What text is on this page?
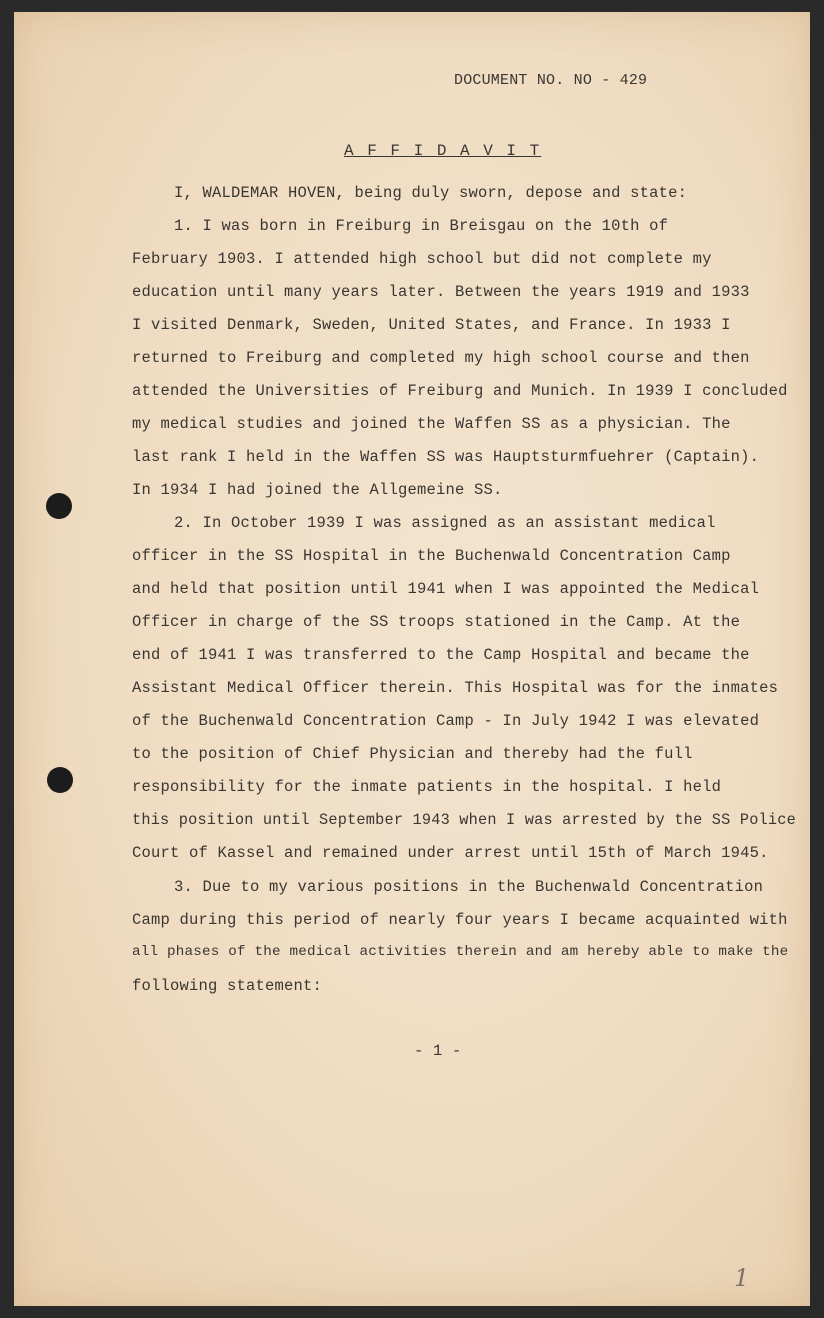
DOCUMENT NO. NO - 429
A F F I D A V I T
I, WALDEMAR HOVEN, being duly sworn, depose and state:
1. I was born in Freiburg in Breisgau on the 10th of
February 1903. I attended high school but did not complete my
education until many years later. Between the years 1919 and 1933
I visited Denmark, Sweden, United States, and France. In 1933 I
returned to Freiburg and completed my high school course and then
attended the Universities of Freiburg and Munich. In 1939 I concluded
my medical studies and joined the Waffen SS as a physician. The
last rank I held in the Waffen SS was Hauptsturmfuehrer (Captain).
In 1934 I had joined the Allgemeine SS.
2. In October 1939 I was assigned as an assistant medical
officer in the SS Hospital in the Buchenwald Concentration Camp
and held that position until 1941 when I was appointed the Medical
Officer in charge of the SS troops stationed in the Camp. At the
end of 1941 I was transferred to the Camp Hospital and became the
Assistant Medical Officer therein. This Hospital was for the inmates
of the Buchenwald Concentration Camp - In July 1942 I was elevated
to the position of Chief Physician and thereby had the full
responsibility for the inmate patients in the hospital. I held
this position until September 1943 when I was arrested by the SS Police
Court of Kassel and remained under arrest until 15th of March 1945.
3. Due to my various positions in the Buchenwald Concentration
Camp during this period of nearly four years I became acquainted with
all phases of the medical activities therein and am hereby able to make the
following statement:
- 1 -
1
